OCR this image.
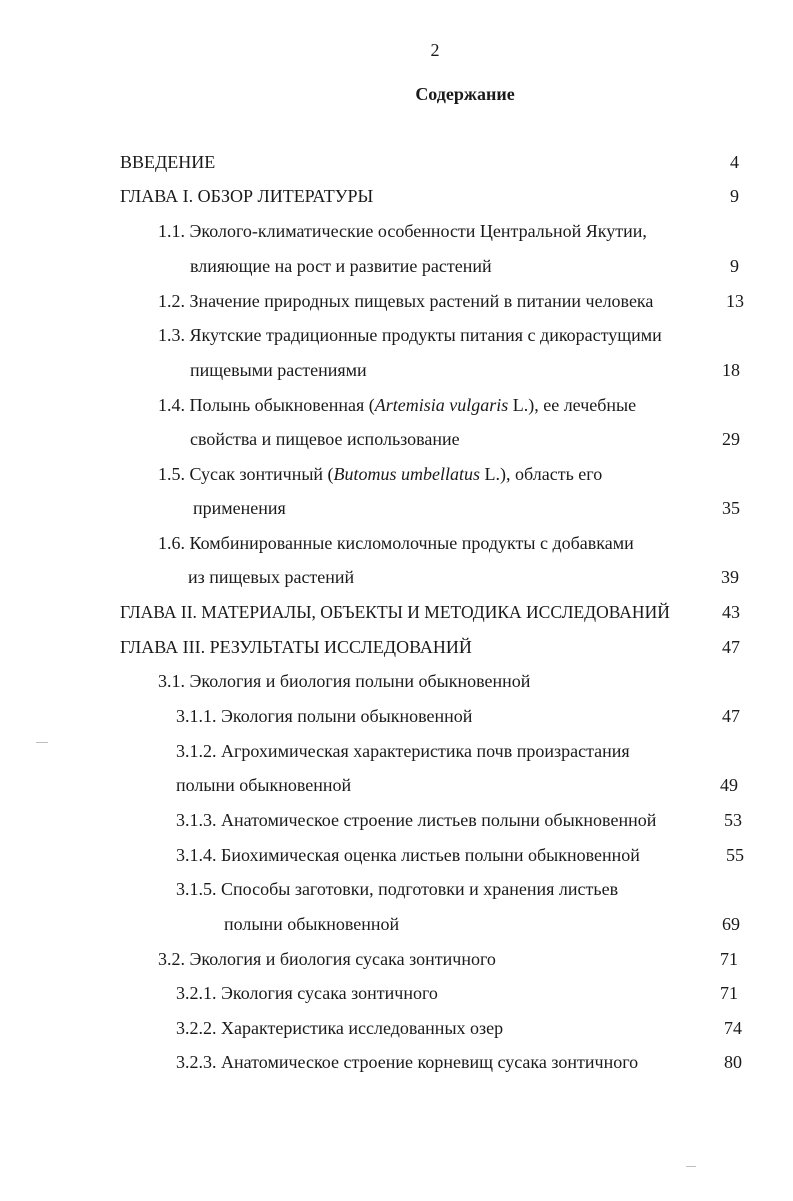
2
Содержание
ВВЕДЕНИЕ	4
ГЛАВА I. ОБЗОР ЛИТЕРАТУРЫ	9
1.1. Эколого-климатические особенности Центральной Якутии,
влияющие на рост и развитие растений	9
1.2. Значение природных пищевых растений в питании человека	13
1.3. Якутские традиционные продукты питания с дикорастущими
пищевыми растениями	18
1.4. Полынь обыкновенная (Artemisia vulgaris L.), ее лечебные
свойства и пищевое использование	29
1.5. Сусак зонтичный (Butomus umbellatus L.), область его
применения	35
1.6. Комбинированные кисломолочные продукты с добавками
из пищевых растений	39
ГЛАВА II. МАТЕРИАЛЫ, ОБЪЕКТЫ И МЕТОДИКА ИССЛЕДОВАНИЙ	43
ГЛАВА III. РЕЗУЛЬТАТЫ ИССЛЕДОВАНИЙ	47
3.1. Экология и биология полыни обыкновенной
3.1.1. Экология полыни обыкновенной	47
3.1.2. Агрохимическая характеристика почв произрастания
полыни обыкновенной	49
3.1.3. Анатомическое строение листьев полыни обыкновенной	53
3.1.4. Биохимическая оценка листьев полыни обыкновенной	55
3.1.5. Способы заготовки, подготовки и хранения листьев
полыни обыкновенной	69
3.2. Экология и биология сусака зонтичного	71
3.2.1. Экология сусака зонтичного	71
3.2.2. Характеристика исследованных озер	74
3.2.3. Анатомическое строение корневищ сусака зонтичного	80
